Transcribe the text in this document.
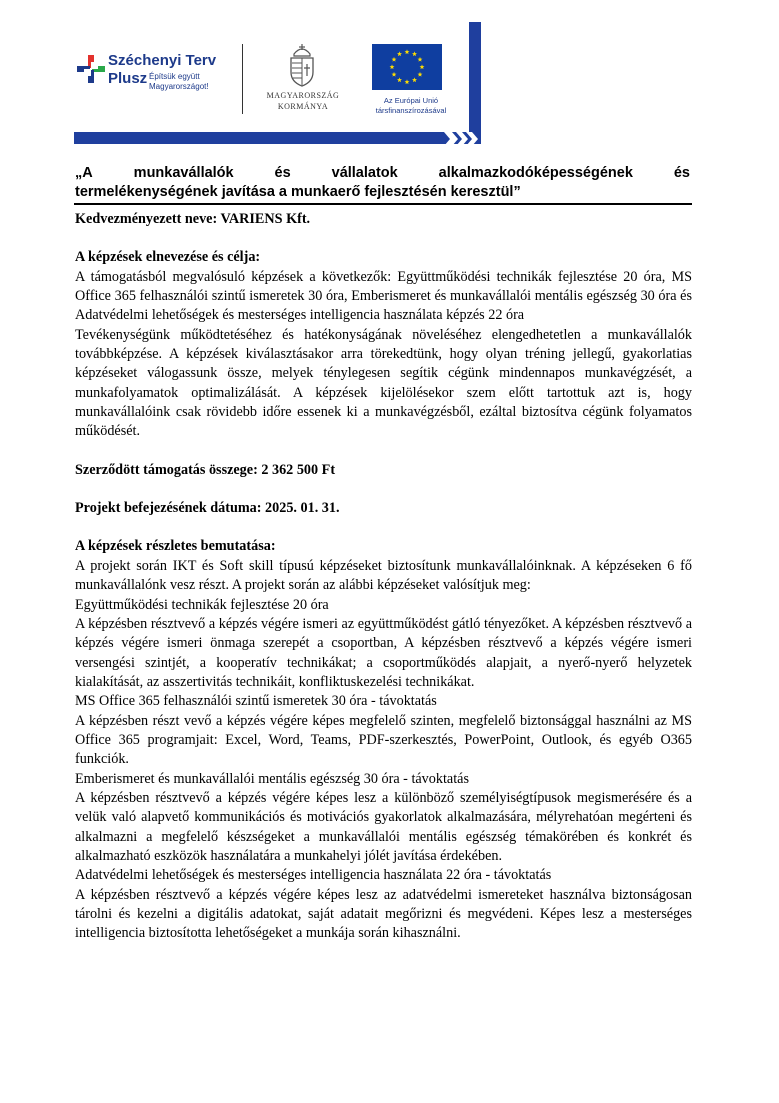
Széchenyi Terv
Plusz Építsük együtt Magyarországot!
MAGYARORSZÁG
KORMÁNYA
Az Európai Unió
társfinanszírozásával
„A	munkavállalók	és	vállalatok	alkalmazkodóképességének	és
termelékenységének javítása a munkaerő fejlesztésén keresztül”

Kedvezményezett neve: VARIENS Kft.

A képzések elnevezése és célja:

A támogatásból megvalósuló képzések a következők: Együttműködési technikák fejlesztése 20 óra, MS Office 365 felhasználói szintű ismeretek 30 óra, Emberismeret és munkavállalói mentális egészség 30 óra és Adatvédelmi lehetőségek és mesterséges intelligencia használata képzés 22 óra

Tevékenységünk működtetéséhez és hatékonyságának növeléséhez elengedhetetlen a munkavállalók továbbképzése. A képzések kiválasztásakor arra törekedtünk, hogy olyan tréning jellegű, gyakorlatias képzéseket válogassunk össze, melyek ténylegesen segítik cégünk mindennapos munkavégzését, a munkafolyamatok optimalizálását. A képzések kijelölésekor szem előtt tartottuk azt is, hogy munkavállalóink csak rövidebb időre essenek ki a munkavégzésből, ezáltal biztosítva cégünk folyamatos működését.

Szerződött támogatás összege: 2 362 500 Ft

Projekt befejezésének dátuma: 2025. 01. 31.

A képzések részletes bemutatása:

A projekt során IKT és Soft skill típusú képzéseket biztosítunk munkavállalóinknak. A képzéseken 6 fő munkavállalónk vesz részt. A projekt során az alábbi képzéseket valósítjuk meg:

Együttműködési technikák fejlesztése 20 óra

A képzésben résztvevő a képzés végére ismeri az együttműködést gátló tényezőket. A képzésben résztvevő a képzés végére ismeri önmaga szerepét a csoportban, A képzésben résztvevő a képzés végére ismeri versengési szintjét, a kooperatív technikákat; a csoportműködés alapjait, a nyerő-nyerő helyzetek kialakítását, az asszertivitás technikáit, konfliktuskezelési technikákat.

MS Office 365 felhasználói szintű ismeretek 30 óra - távoktatás

A képzésben részt vevő a képzés végére képes megfelelő szinten, megfelelő biztonsággal használni az MS Office 365 programjait: Excel, Word, Teams, PDF-szerkesztés, PowerPoint, Outlook, és egyéb O365 funkciók.

Emberismeret és munkavállalói mentális egészség 30 óra - távoktatás

A képzésben résztvevő a képzés végére képes lesz a különböző személyiségtípusok megismerésére és a velük való alapvető kommunikációs és motivációs gyakorlatok alkalmazására, mélyrehatóan megérteni és alkalmazni a megfelelő készségeket a munkavállalói mentális egészség témakörében és konkrét és alkalmazható eszközök használatára a munkahelyi jólét javítása érdekében.

Adatvédelmi lehetőségek és mesterséges intelligencia használata 22 óra - távoktatás

A képzésben résztvevő a képzés végére képes lesz az adatvédelmi ismereteket használva biztonságosan tárolni és kezelni a digitális adatokat, saját adatait megőrizni és megvédeni. Képes lesz a mesterséges intelligencia biztosította lehetőségeket a munkája során kihasználni.
